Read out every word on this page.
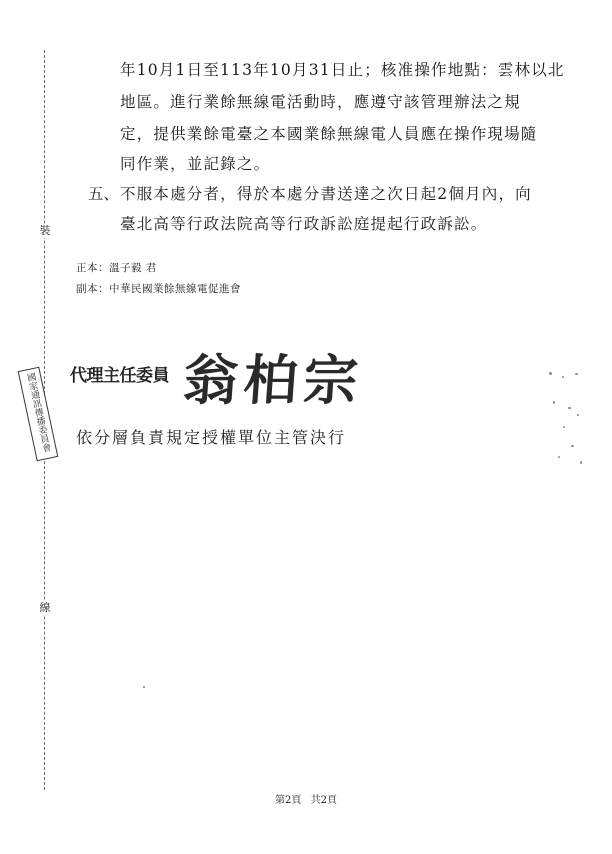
裝
線
年10月1日至113年10月31日止；核准操作地點：雲林以北
地區。進行業餘無線電活動時，應遵守該管理辦法之規
定，提供業餘電臺之本國業餘無線電人員應在操作現場隨
同作業，並記錄之。
五、 不服本處分者，得於本處分書送達之次日起2個月內，向
臺北高等行政法院高等行政訴訟庭提起行政訴訟。
正本：溫子毅 君
副本：中華民國業餘無線電促進會
國家通訊傳播委員會 代理主任委員 翁柏宗
依分層負責規定授權單位主管決行
第2頁 共2頁
